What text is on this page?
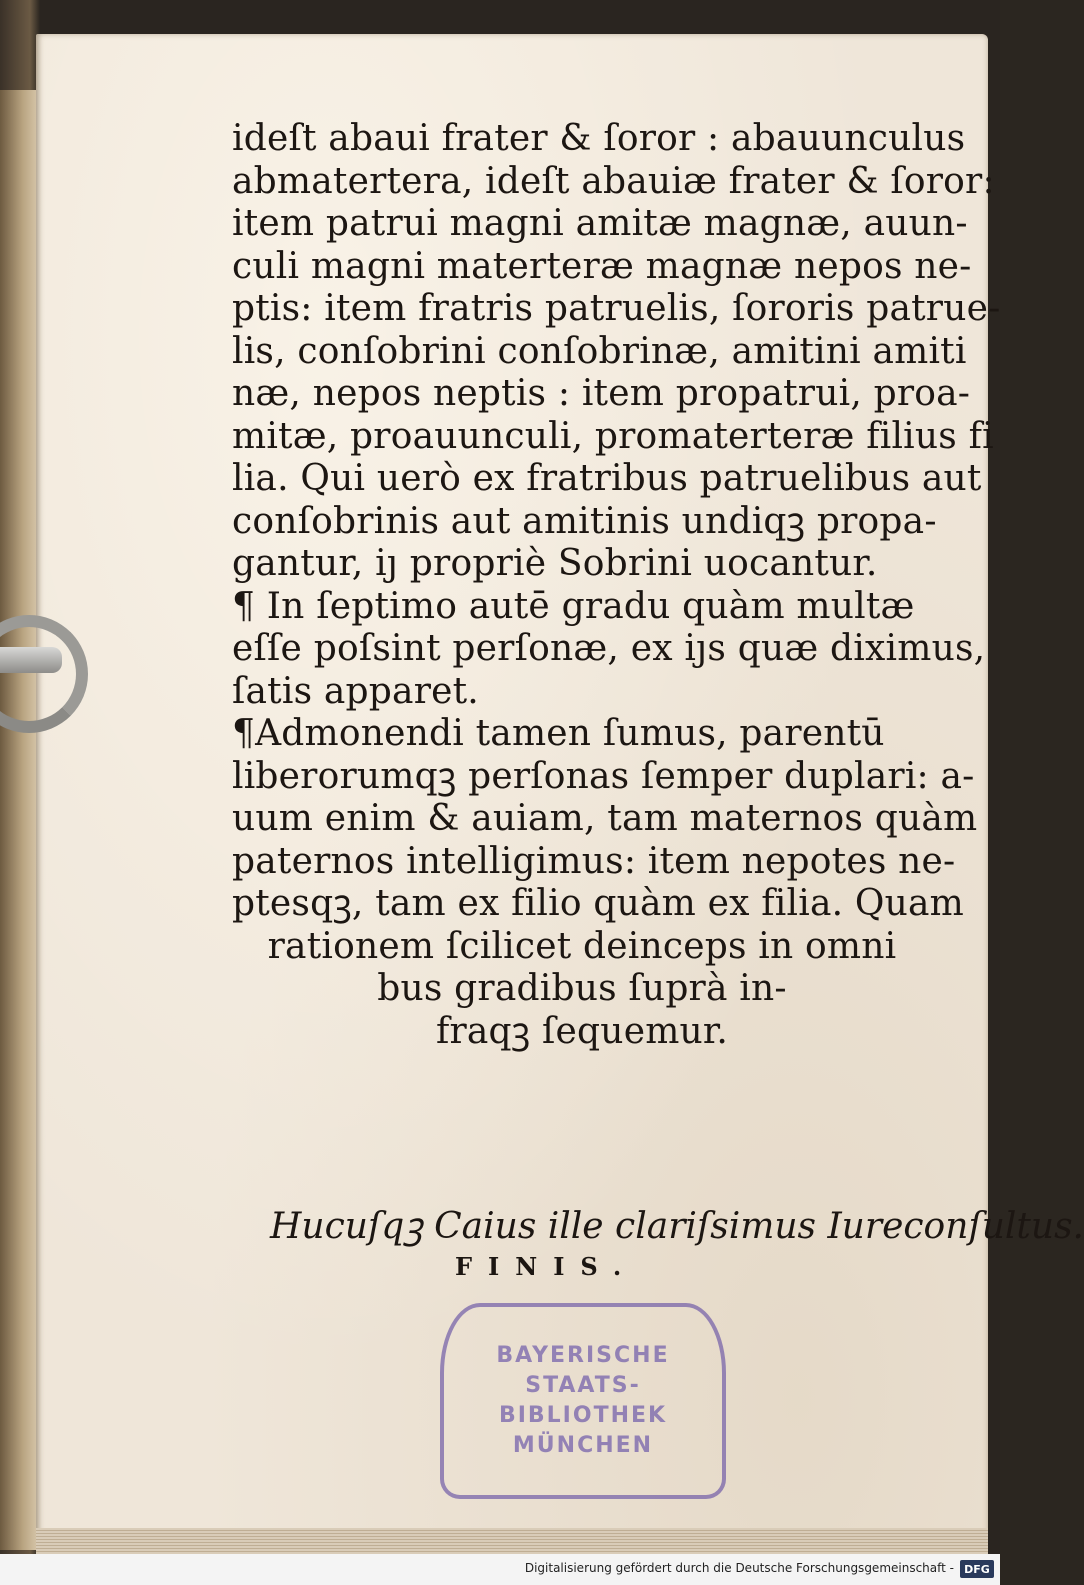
ideſt abaui frater & ſoror : abauunculus
abmatertera, ideſt abauiæ frater & ſoror:
item patrui magni amitæ magnæ, auun-
culi magni materteræ magnæ nepos ne-
ptis: item fratris patruelis, ſororis patrue-
lis, conſobrini conſobrinæ, amitini amiti
næ, nepos neptis : item propatrui, proa-
mitæ, proauunculi, promaterteræ filius fi
lia. Qui uerò ex fratribus patruelibus aut
conſobrinis aut amitinis undiqꝫ propa-
gantur, iȷ propriè Sobrini uocantur.
¶ In ſeptimo autē gradu quàm multæ
eſſe poſsint perſonæ, ex iȷs quæ diximus,
ſatis apparet.
¶Admonendi tamen ſumus, parentū
liberorumqꝫ perſonas ſemper duplari: a-
uum enim & auiam, tam maternos quàm
paternos intelligimus: item nepotes ne-
ptesqꝫ, tam ex filio quàm ex filia. Quam
rationem ſcilicet deinceps in omni
bus gradibus ſuprà in-
fraqꝫ ſequemur.
Hucuſqꝫ Caius ille clariſsimus Iureconſultus.
FINIS.
BAYERISCHE
STAATS-
BIBLIOTHEK
MÜNCHEN
Digitalisierung gefördert durch die Deutsche Forschungsgemeinschaft - DFG
